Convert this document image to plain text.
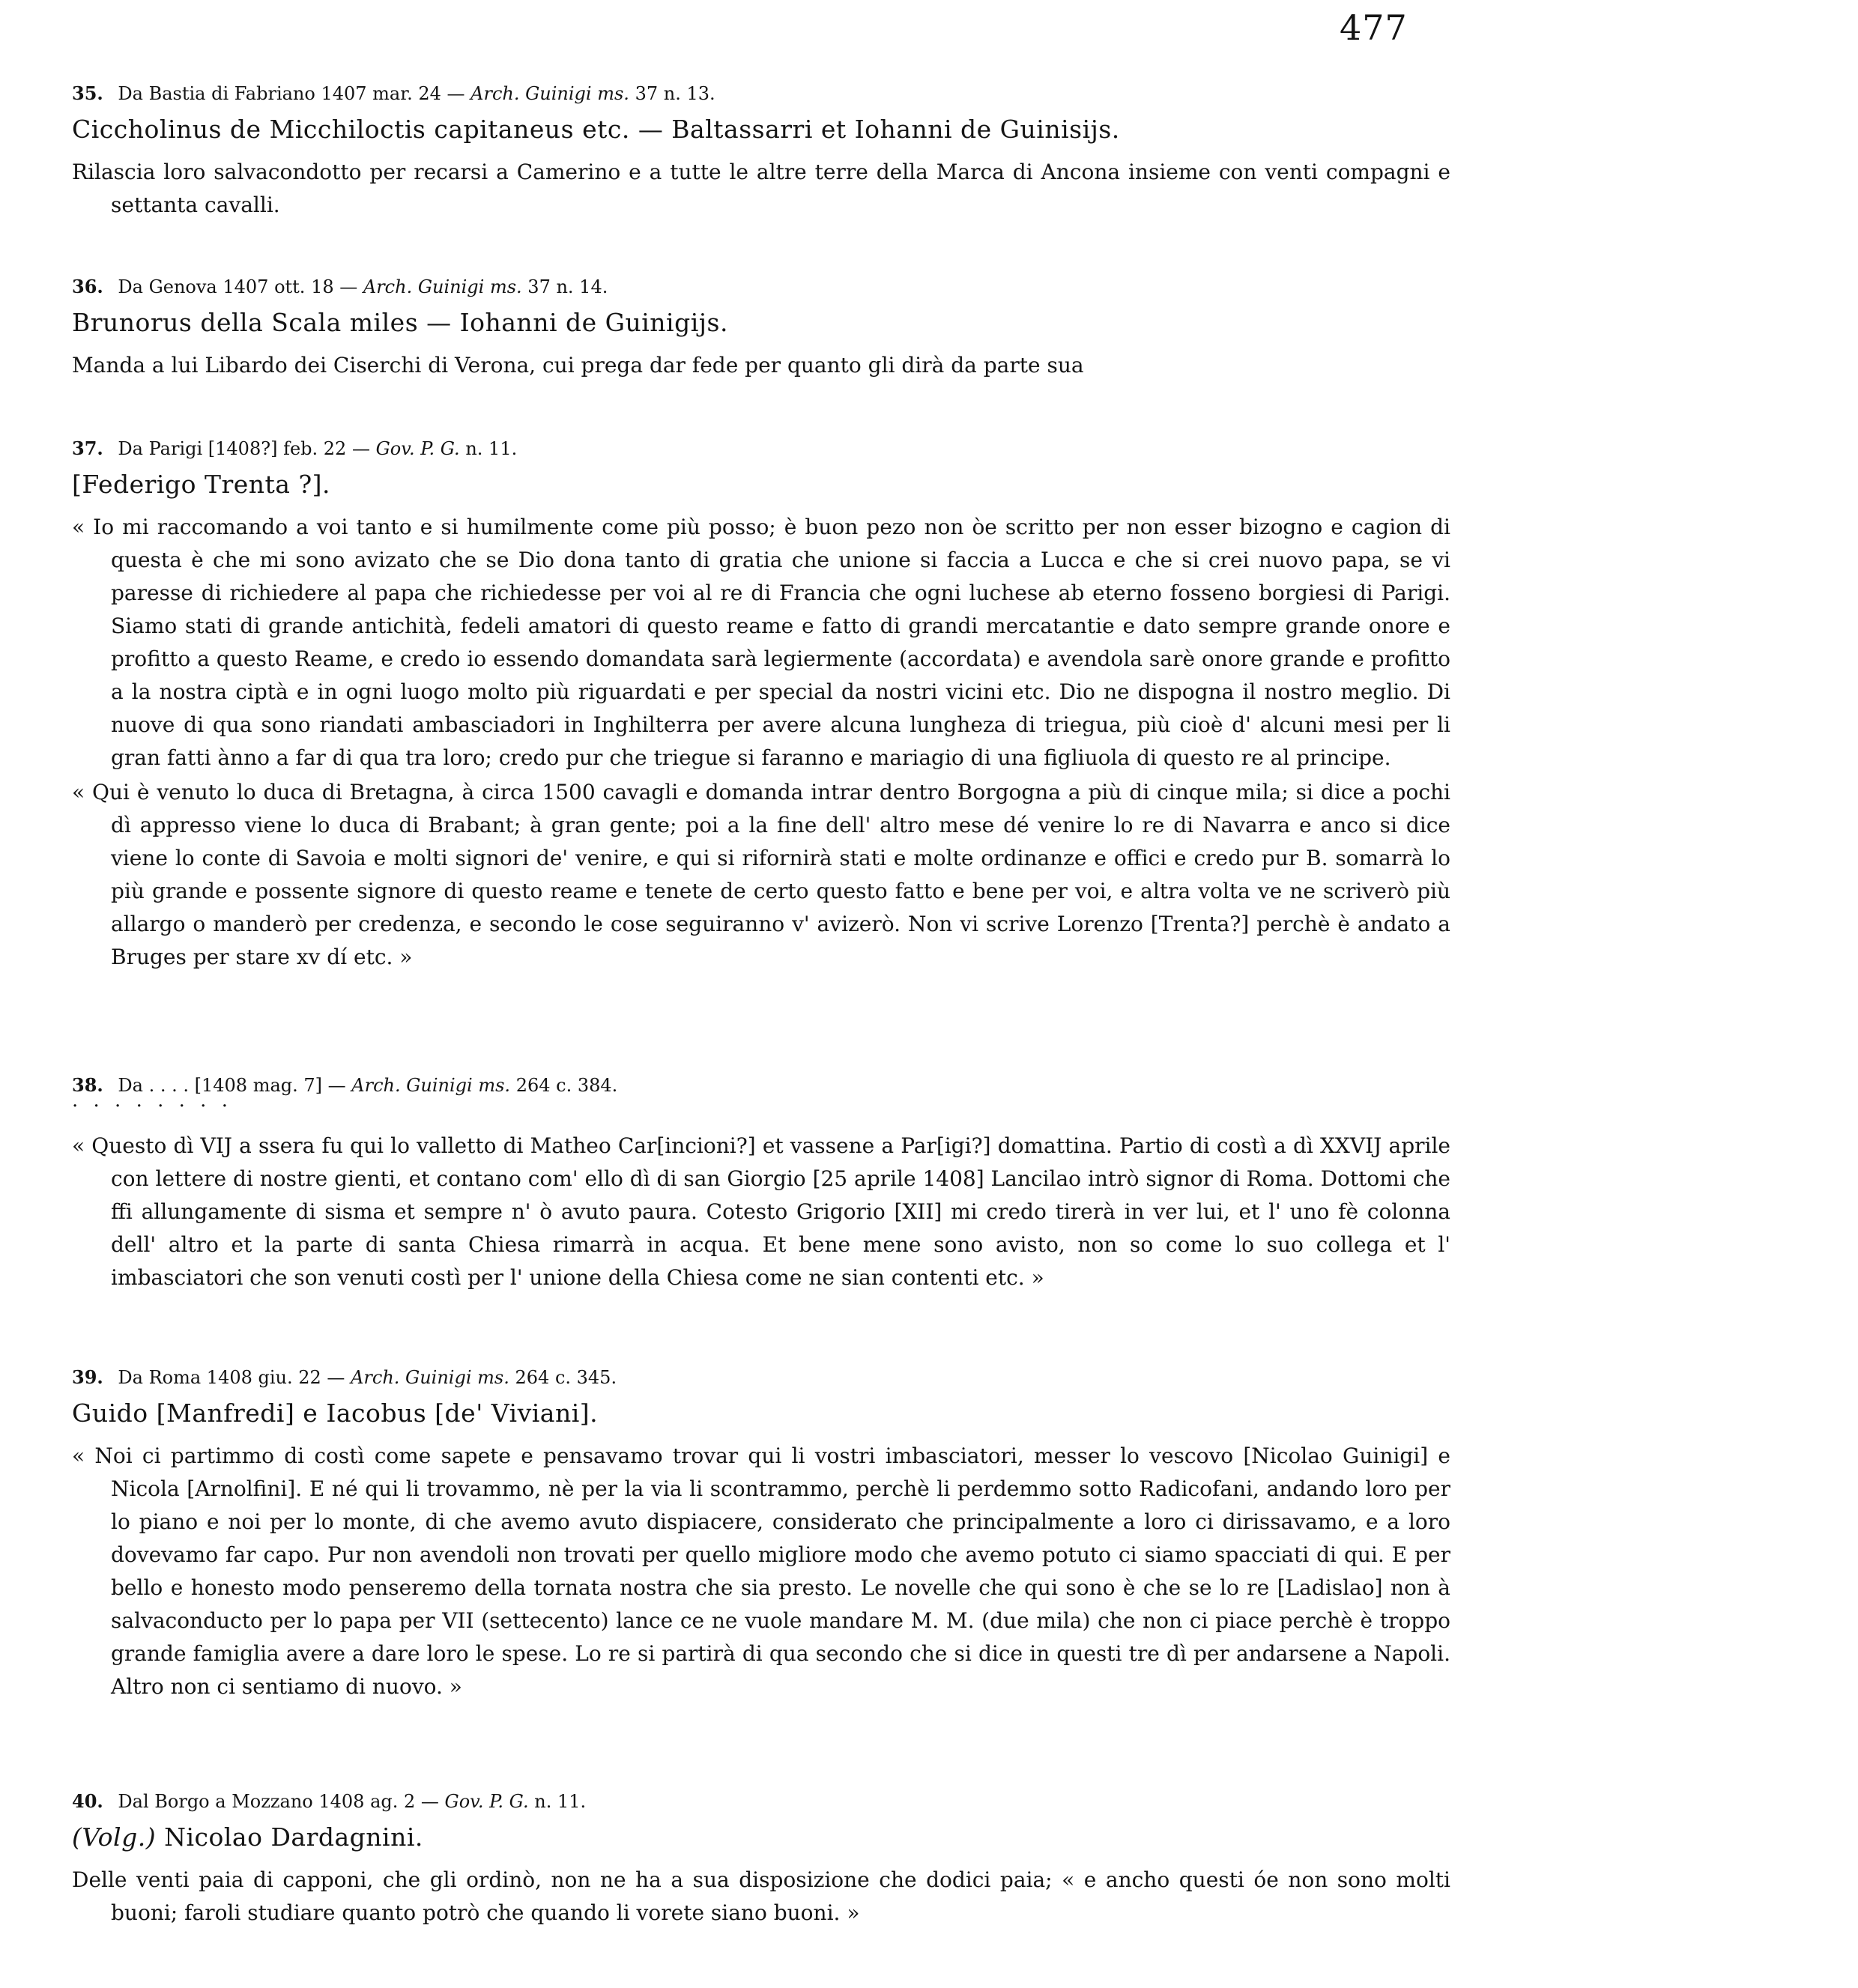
477

35. Da Bastia di Fabriano 1407 mar. 24 — Arch. Guinigi ms. 37 n. 13.

Ciccholinus de Micchiloctis capitaneus etc. — Baltassarri et Iohanni de Guinisijs.

Rilascia loro salvacondotto per recarsi a Camerino e a tutte le altre terre della Marca di Ancona insieme con venti compagni e settanta cavalli.

36. Da Genova 1407 ott. 18 — Arch. Guinigi ms. 37 n. 14.

Brunorus della Scala miles — Iohanni de Guinigijs.

Manda a lui Libardo dei Ciserchi di Verona, cui prega dar fede per quanto gli dirà da parte sua

37. Da Parigi [1408?] feb. 22 — Gov. P. G. n. 11.

[Federigo Trenta ?].

« Io mi raccomando a voi tanto e si humilmente come più posso; è buon pezo non òe scritto per non esser bizogno e cagion di questa è che mi sono avizato che se Dio dona tanto di gratia che unione si faccia a Lucca e che si crei nuovo papa, se vi paresse di richiedere al papa che richiedesse per voi al re di Francia che ogni luchese ab eterno fosseno borgiesi di Parigi. Siamo stati di grande antichità, fedeli amatori di questo reame e fatto di grandi mercatantie e dato sempre grande onore e profitto a questo Reame, e credo io essendo domandata sarà legiermente (accordata) e avendola sarè onore grande e profitto a la nostra ciptà e in ogni luogo molto più riguardati e per special da nostri vicini etc. Dio ne dispogna il nostro meglio. Di nuove di qua sono riandati ambasciadori in Inghilterra per avere alcuna lungheza di triegua, più cioè d' alcuni mesi per li gran fatti ànno a far di qua tra loro; credo pur che triegue si faranno e mariagio di una figliuola di questo re al principe.

« Qui è venuto lo duca di Bretagna, à circa 1500 cavagli e domanda intrar dentro Borgogna a più di cinque mila; si dice a pochi dì appresso viene lo duca di Brabant; à gran gente; poi a la fine dell' altro mese dé venire lo re di Navarra e anco si dice viene lo conte di Savoia e molti signori de' venire, e qui si rifornirà stati e molte ordinanze e offici e credo pur B. somarrà lo più grande e possente signore di questo reame e tenete de certo questo fatto e bene per voi, e altra volta ve ne scriverò più allargo o manderò per credenza, e secondo le cose seguiranno v' avizerò. Non vi scrive Lorenzo [Trenta?] perchè è andato a Bruges per stare xv dí etc. »

38. Da . . . . [1408 mag. 7] — Arch. Guinigi ms. 264 c. 384.

· · · · · · · ·

« Questo dì VIJ a ssera fu qui lo valletto di Matheo Car[incioni?] et vassene a Par[igi?] domattina. Partio di costì a dì XXVIJ aprile con lettere di nostre gienti, et contano com' ello dì di san Giorgio [25 aprile 1408] Lancilao intrò signor di Roma. Dottomi che ffi allungamente di sisma et sempre n' ò avuto paura. Cotesto Grigorio [XII] mi credo tirerà in ver lui, et l' uno fè colonna dell' altro et la parte di santa Chiesa rimarrà in acqua. Et bene mene sono avisto, non so come lo suo collega et l' imbasciatori che son venuti costì per l' unione della Chiesa come ne sian contenti etc. »

39. Da Roma 1408 giu. 22 — Arch. Guinigi ms. 264 c. 345.

Guido [Manfredi] e Iacobus [de' Viviani].

« Noi ci partimmo di costì come sapete e pensavamo trovar qui li vostri imbasciatori, messer lo vescovo [Nicolao Guinigi] e Nicola [Arnolfini]. E né qui li trovammo, nè per la via li scontrammo, perchè li perdemmo sotto Radicofani, andando loro per lo piano e noi per lo monte, di che avemo avuto dispiacere, considerato che principalmente a loro ci dirissavamo, e a loro dovevamo far capo. Pur non avendoli non trovati per quello migliore modo che avemo potuto ci siamo spacciati di qui. E per bello e honesto modo penseremo della tornata nostra che sia presto. Le novelle che qui sono è che se lo re [Ladislao] non à salvaconducto per lo papa per VII (settecento) lance ce ne vuole mandare M. M. (due mila) che non ci piace perchè è troppo grande famiglia avere a dare loro le spese. Lo re si partirà di qua secondo che si dice in questi tre dì per andarsene a Napoli. Altro non ci sentiamo di nuovo. »

40. Dal Borgo a Mozzano 1408 ag. 2 — Gov. P. G. n. 11.

(Volg.) Nicolao Dardagnini.

Delle venti paia di capponi, che gli ordinò, non ne ha a sua disposizione che dodici paia; « e ancho questi óe non sono molti buoni; faroli studiare quanto potrò che quando li vorete siano buoni. »
